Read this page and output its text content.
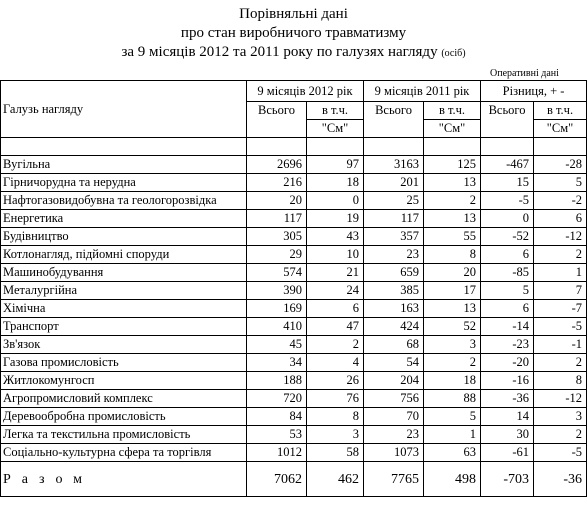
Порівняльні дані
про стан виробничого травматизму
за 9 місяців 2012 та 2011 року по галузях нагляду (осіб)
Оперативні дані
Галузь нагляду	9 місяців 2012 рік		9 місяців 2011 рік		Різниця, + -	
	Всього	в т.ч.	Всього	в т.ч.	Всього	в т.ч.
		"См"		"См"		"См"

Вугільна	2696	97	3163	125	-467	-28
Гірничорудна та нерудна	216	18	201	13	15	5
Нафтогазовидобувна та геологорозвідка	20	0	25	2	-5	-2
Енергетика	117	19	117	13	0	6
Будівництво	305	43	357	55	-52	-12
Котлонагляд, підйомні споруди	29	10	23	8	6	2
Машинобудування	574	21	659	20	-85	1
Металургійна	390	24	385	17	5	7
Хімічна	169	6	163	13	6	-7
Транспорт	410	47	424	52	-14	-5
Зв'язок	45	2	68	3	-23	-1
Газова промисловість	34	4	54	2	-20	2
Житлокомунгосп	188	26	204	18	-16	8
Агропромисловий комплекс	720	76	756	88	-36	-12
Деревообробна промисловість	84	8	70	5	14	3
Легка та текстильна промисловість	53	3	23	1	30	2
Соціально-культурна сфера та торгівля	1012	58	1073	63	-61	-5
Разом	7062	462	7765	498	-703	-36
